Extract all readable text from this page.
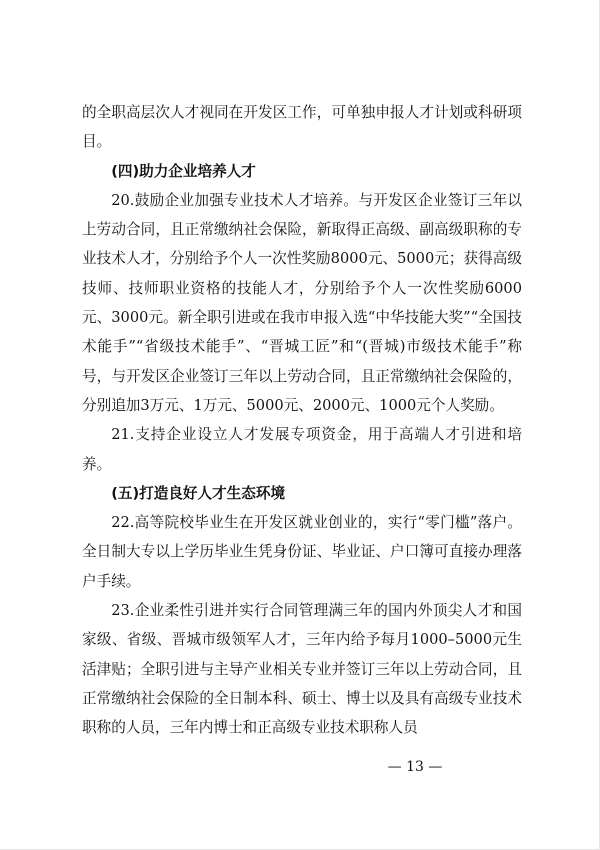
的全职高层次人才视同在开发区工作，可单独申报人才计划或科研项目。

(四)助力企业培养人才

20.鼓励企业加强专业技术人才培养。与开发区企业签订三年以上劳动合同，且正常缴纳社会保险，新取得正高级、副高级职称的专业技术人才，分别给予个人一次性奖励8000元、5000元；获得高级技师、技师职业资格的技能人才，分别给予个人一次性奖励6000元、3000元。新全职引进或在我市申报入选“中华技能大奖”“全国技术能手”“省级技术能手”、“晋城工匠”和“(晋城)市级技术能手”称号，与开发区企业签订三年以上劳动合同，且正常缴纳社会保险的，分别追加3万元、1万元、5000元、2000元、1000元个人奖励。

21.支持企业设立人才发展专项资金，用于高端人才引进和培养。

(五)打造良好人才生态环境

22.高等院校毕业生在开发区就业创业的，实行“零门槛”落户。全日制大专以上学历毕业生凭身份证、毕业证、户口簿可直接办理落户手续。

23.企业柔性引进并实行合同管理满三年的国内外顶尖人才和国家级、省级、晋城市级领军人才，三年内给予每月1000–5000元生活津贴；全职引进与主导产业相关专业并签订三年以上劳动合同，且正常缴纳社会保险的全日制本科、硕士、博士以及具有高级专业技术职称的人员，三年内博士和正高级专业技术职称人员

— 13 —
